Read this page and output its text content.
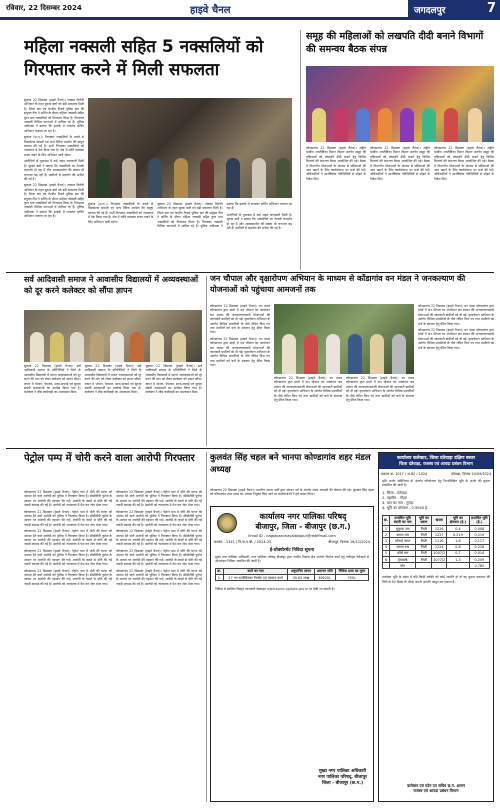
रविवार, 22 दिसम्बर 2024	हाइवे चैनल	जगदलपुर	7
महिला नक्सली सहित 5 नक्सलियों को गिरफ्तार करने में मिली सफलता

सुकमा 22 दिसम्बर (हाइवे चैनल)। नक्सल विरोधी अभियान के तहत सुरक्षा बलों को बड़ी सफलता मिली है। जिला बल एवं केन्द्रीय रिजर्व पुलिस बल की संयुक्त टीम ने सर्चिंग के दौरान महिला नक्सली सहित कुल पांच नक्सलियों को गिरफ्तार किया है। गिरफ्तार नक्सली विभिन्न घटनाओं में शामिल रहे हैं। पुलिस अधीक्षक ने बताया कि इलाके में लगातार सर्चिंग अभियान चलाया जा रहा है।

सुकमा (छ.ग.)। गिरफ्तार नक्सलियों के कब्जे से विस्फोटक सामग्री एवं अन्य दैनिक उपयोग की वस्तुएं बरामद की गई हैं। सभी गिरफ्तार नक्सलियों को न्यायालय में पेश किया गया है। क्षेत्र में शांति व्यवस्था बनाए रखने के लिए अभियान जारी रहेगा।

आरोपियों से पूछताछ में कई अहम जानकारी मिली है। सुरक्षा बलों ने बताया कि नक्सलियों का नेटवर्क कमजोर हो रहा है और आत्मसमर्पण की संख्या भी लगातार बढ़ रही है। ग्रामीणों से सहयोग की अपील की गई है।

सुकमा 22 दिसम्बर (हाइवे चैनल)। नक्सल विरोधी अभियान के तहत सुरक्षा बलों को बड़ी सफलता मिली है। जिला बल एवं केन्द्रीय रिजर्व पुलिस बल की संयुक्त टीम ने सर्चिंग के दौरान महिला नक्सली सहित कुल पांच नक्सलियों को गिरफ्तार किया है। गिरफ्तार नक्सली विभिन्न घटनाओं में शामिल रहे हैं। पुलिस अधीक्षक ने बताया कि इलाके में लगातार सर्चिंग अभियान चलाया जा रहा है।

सुकमा (छ.ग.)। गिरफ्तार नक्सलियों के कब्जे से विस्फोटक सामग्री एवं अन्य दैनिक उपयोग की वस्तुएं बरामद की गई हैं। सभी गिरफ्तार नक्सलियों को न्यायालय में पेश किया गया है। क्षेत्र में शांति व्यवस्था बनाए रखने के लिए अभियान जारी रहेगा।

सुकमा 22 दिसम्बर (हाइवे चैनल)। नक्सल विरोधी अभियान के तहत सुरक्षा बलों को बड़ी सफलता मिली है। जिला बल एवं केन्द्रीय रिजर्व पुलिस बल की संयुक्त टीम ने सर्चिंग के दौरान महिला नक्सली सहित कुल पांच नक्सलियों को गिरफ्तार किया है। गिरफ्तार नक्सली विभिन्न घटनाओं में शामिल रहे हैं। पुलिस अधीक्षक ने बताया कि इलाके में लगातार सर्चिंग अभियान चलाया जा रहा है।

आरोपियों से पूछताछ में कई अहम जानकारी मिली है। सुरक्षा बलों ने बताया कि नक्सलियों का नेटवर्क कमजोर हो रहा है और आत्मसमर्पण की संख्या भी लगातार बढ़ रही है। ग्रामीणों से सहयोग की अपील की गई है।

समूह की महिलाओं को लखपति दीदी बनाने विभागों की समन्वय बैठक संपन्न

कोण्डागांव 22 दिसम्बर (हाइवे चैनल)। राष्ट्रीय ग्रामीण आजीविका मिशन बिहान अंतर्गत समूह की महिलाओं को लखपति दीदी बनाने हेतु विभिन्न विभागों की समन्वय बैठक आयोजित की गई। बैठक में विभागीय योजनाओं के माध्यम से महिलाओं की आय बढ़ाने के लिए कार्ययोजना पर चर्चा की गई। अधिकारियों ने आजीविका गतिविधियों से जोड़ने के निर्देश दिए।

कोण्डागांव 22 दिसम्बर (हाइवे चैनल)। राष्ट्रीय ग्रामीण आजीविका मिशन बिहान अंतर्गत समूह की महिलाओं को लखपति दीदी बनाने हेतु विभिन्न विभागों की समन्वय बैठक आयोजित की गई। बैठक में विभागीय योजनाओं के माध्यम से महिलाओं की आय बढ़ाने के लिए कार्ययोजना पर चर्चा की गई। अधिकारियों ने आजीविका गतिविधियों से जोड़ने के निर्देश दिए।

कोण्डागांव 22 दिसम्बर (हाइवे चैनल)। राष्ट्रीय ग्रामीण आजीविका मिशन बिहान अंतर्गत समूह की महिलाओं को लखपति दीदी बनाने हेतु विभिन्न विभागों की समन्वय बैठक आयोजित की गई। बैठक में विभागीय योजनाओं के माध्यम से महिलाओं की आय बढ़ाने के लिए कार्ययोजना पर चर्चा की गई। अधिकारियों ने आजीविका गतिविधियों से जोड़ने के निर्देश दिए।

सर्व आदिवासी समाज ने आवासीय विद्यालयों में अव्यवस्थाओं को दूर करने कलेक्टर को सौंपा ज्ञापन

सुकमा 22 दिसम्बर (हाइवे चैनल)। सर्व आदिवासी समाज के प्रतिनिधियों ने जिले के आवासीय विद्यालयों में व्याप्त अव्यवस्थाओं को दूर करने की मांग को लेकर कलेक्टर को ज्ञापन सौंपा। ज्ञापन में भोजन, पेयजल, साफ-सफाई एवं सुरक्षा संबंधी समस्याओं का उल्लेख किया गया है। कलेक्टर ने शीघ्र कार्यवाही का आश्वासन दिया।

सुकमा 22 दिसम्बर (हाइवे चैनल)। सर्व आदिवासी समाज के प्रतिनिधियों ने जिले के आवासीय विद्यालयों में व्याप्त अव्यवस्थाओं को दूर करने की मांग को लेकर कलेक्टर को ज्ञापन सौंपा। ज्ञापन में भोजन, पेयजल, साफ-सफाई एवं सुरक्षा संबंधी समस्याओं का उल्लेख किया गया है। कलेक्टर ने शीघ्र कार्यवाही का आश्वासन दिया।

सुकमा 22 दिसम्बर (हाइवे चैनल)। सर्व आदिवासी समाज के प्रतिनिधियों ने जिले के आवासीय विद्यालयों में व्याप्त अव्यवस्थाओं को दूर करने की मांग को लेकर कलेक्टर को ज्ञापन सौंपा। ज्ञापन में भोजन, पेयजल, साफ-सफाई एवं सुरक्षा संबंधी समस्याओं का उल्लेख किया गया है। कलेक्टर ने शीघ्र कार्यवाही का आश्वासन दिया।

जन चौपाल और वृक्षारोपण अभियान के माध्यम से कोंडागांव वन मंडल ने जनकल्याण की योजनाओं को पहुंचाया आमजनों तक

कोण्डागांव 22 दिसम्बर (हाइवे चैनल)। वन मंडल कोण्डागांव द्वारा ग्रामों में जन चौपाल का आयोजन कर शासन की जनकल्याणकारी योजनाओं की जानकारी ग्रामीणों को दी गई। वृक्षारोपण अभियान के अंतर्गत विभिन्न प्रजातियों के पौधे रोपित किए गए तथा ग्रामीणों को वनों के संरक्षण हेतु प्रेरित किया गया।

कोण्डागांव 22 दिसम्बर (हाइवे चैनल)। वन मंडल कोण्डागांव द्वारा ग्रामों में जन चौपाल का आयोजन कर शासन की जनकल्याणकारी योजनाओं की जानकारी ग्रामीणों को दी गई। वृक्षारोपण अभियान के अंतर्गत विभिन्न प्रजातियों के पौधे रोपित किए गए तथा ग्रामीणों को वनों के संरक्षण हेतु प्रेरित किया गया।

कोण्डागांव 22 दिसम्बर (हाइवे चैनल)। वन मंडल कोण्डागांव द्वारा ग्रामों में जन चौपाल का आयोजन कर शासन की जनकल्याणकारी योजनाओं की जानकारी ग्रामीणों को दी गई। वृक्षारोपण अभियान के अंतर्गत विभिन्न प्रजातियों के पौधे रोपित किए गए तथा ग्रामीणों को वनों के संरक्षण हेतु प्रेरित किया गया।

कोण्डागांव 22 दिसम्बर (हाइवे चैनल)। वन मंडल कोण्डागांव द्वारा ग्रामों में जन चौपाल का आयोजन कर शासन की जनकल्याणकारी योजनाओं की जानकारी ग्रामीणों को दी गई। वृक्षारोपण अभियान के अंतर्गत विभिन्न प्रजातियों के पौधे रोपित किए गए तथा ग्रामीणों को वनों के संरक्षण हेतु प्रेरित किया गया।

कोण्डागांव 22 दिसम्बर (हाइवे चैनल)। वन मंडल कोण्डागांव द्वारा ग्रामों में जन चौपाल का आयोजन कर शासन की जनकल्याणकारी योजनाओं की जानकारी ग्रामीणों को दी गई। वृक्षारोपण अभियान के अंतर्गत विभिन्न प्रजातियों के पौधे रोपित किए गए तथा ग्रामीणों को वनों के संरक्षण हेतु प्रेरित किया गया।

कोण्डागांव 22 दिसम्बर (हाइवे चैनल)। वन मंडल कोण्डागांव द्वारा ग्रामों में जन चौपाल का आयोजन कर शासन की जनकल्याणकारी योजनाओं की जानकारी ग्रामीणों को दी गई। वृक्षारोपण अभियान के अंतर्गत विभिन्न प्रजातियों के पौधे रोपित किए गए तथा ग्रामीणों को वनों के संरक्षण हेतु प्रेरित किया गया।

पेट्रोल पम्प में चोरी करने वाला आरोपी गिरफ्तार

कोण्डागांव 22 दिसम्बर (हाइवे चैनल)। पेट्रोल पम्प में चोरी की घटना को अंजाम देने वाले आरोपी को पुलिस ने गिरफ्तार किया है। सीसीटीवी फुटेज के आधार पर आरोपी की पहचान की गई। आरोपी के कब्जे से चोरी की गई नकदी बरामद की गई है। आरोपी को न्यायालय में पेश कर जेल भेजा गया।

कोण्डागांव 22 दिसम्बर (हाइवे चैनल)। पेट्रोल पम्प में चोरी की घटना को अंजाम देने वाले आरोपी को पुलिस ने गिरफ्तार किया है। सीसीटीवी फुटेज के आधार पर आरोपी की पहचान की गई। आरोपी के कब्जे से चोरी की गई नकदी बरामद की गई है। आरोपी को न्यायालय में पेश कर जेल भेजा गया।

कोण्डागांव 22 दिसम्बर (हाइवे चैनल)। पेट्रोल पम्प में चोरी की घटना को अंजाम देने वाले आरोपी को पुलिस ने गिरफ्तार किया है। सीसीटीवी फुटेज के आधार पर आरोपी की पहचान की गई। आरोपी के कब्जे से चोरी की गई नकदी बरामद की गई है। आरोपी को न्यायालय में पेश कर जेल भेजा गया।

कोण्डागांव 22 दिसम्बर (हाइवे चैनल)। पेट्रोल पम्प में चोरी की घटना को अंजाम देने वाले आरोपी को पुलिस ने गिरफ्तार किया है। सीसीटीवी फुटेज के आधार पर आरोपी की पहचान की गई। आरोपी के कब्जे से चोरी की गई नकदी बरामद की गई है। आरोपी को न्यायालय में पेश कर जेल भेजा गया।

कोण्डागांव 22 दिसम्बर (हाइवे चैनल)। पेट्रोल पम्प में चोरी की घटना को अंजाम देने वाले आरोपी को पुलिस ने गिरफ्तार किया है। सीसीटीवी फुटेज के आधार पर आरोपी की पहचान की गई। आरोपी के कब्जे से चोरी की गई नकदी बरामद की गई है। आरोपी को न्यायालय में पेश कर जेल भेजा गया।

कोण्डागांव 22 दिसम्बर (हाइवे चैनल)। पेट्रोल पम्प में चोरी की घटना को अंजाम देने वाले आरोपी को पुलिस ने गिरफ्तार किया है। सीसीटीवी फुटेज के आधार पर आरोपी की पहचान की गई। आरोपी के कब्जे से चोरी की गई नकदी बरामद की गई है। आरोपी को न्यायालय में पेश कर जेल भेजा गया।

कोण्डागांव 22 दिसम्बर (हाइवे चैनल)। पेट्रोल पम्प में चोरी की घटना को अंजाम देने वाले आरोपी को पुलिस ने गिरफ्तार किया है। सीसीटीवी फुटेज के आधार पर आरोपी की पहचान की गई। आरोपी के कब्जे से चोरी की गई नकदी बरामद की गई है। आरोपी को न्यायालय में पेश कर जेल भेजा गया।

कोण्डागांव 22 दिसम्बर (हाइवे चैनल)। पेट्रोल पम्प में चोरी की घटना को अंजाम देने वाले आरोपी को पुलिस ने गिरफ्तार किया है। सीसीटीवी फुटेज के आधार पर आरोपी की पहचान की गई। आरोपी के कब्जे से चोरी की गई नकदी बरामद की गई है। आरोपी को न्यायालय में पेश कर जेल भेजा गया।

कोण्डागांव 22 दिसम्बर (हाइवे चैनल)। पेट्रोल पम्प में चोरी की घटना को अंजाम देने वाले आरोपी को पुलिस ने गिरफ्तार किया है। सीसीटीवी फुटेज के आधार पर आरोपी की पहचान की गई। आरोपी के कब्जे से चोरी की गई नकदी बरामद की गई है। आरोपी को न्यायालय में पेश कर जेल भेजा गया।

कोण्डागांव 22 दिसम्बर (हाइवे चैनल)। पेट्रोल पम्प में चोरी की घटना को अंजाम देने वाले आरोपी को पुलिस ने गिरफ्तार किया है। सीसीटीवी फुटेज के आधार पर आरोपी की पहचान की गई। आरोपी के कब्जे से चोरी की गई नकदी बरामद की गई है। आरोपी को न्यायालय में पेश कर जेल भेजा गया।

कुलवंत सिंह चहल बने भानपा कोण्डागांव शहर मंडल अध्यक्ष

कोण्डागांव 22 दिसम्बर (हाइवे चैनल)। भारतीय जनता पार्टी द्वारा संगठन पर्व के अंतर्गत मंडल अध्यक्षों की घोषणा की गई। कुलवंत सिंह चहल को कोण्डागांव शहर मंडल का अध्यक्ष नियुक्त किए जाने पर कार्यकर्ताओं ने हर्ष व्यक्त किया।

कार्यालय नगर पालिका परिषद्
बीजापुर, जिला - बीजापुर (छ.ग.)
Email ID - nagarpanchayatbijapur@rediffmail.com
क्रमांक - 1341 / नि.पा.प.बी. / 2024-25	बीजापुर, दिनांक 19/12/2024
ई-प्रोक्योरमेंट निविदा सूचना
मुख्य नगर पालिका अधिकारी, नगर पालिका परिषद् बीजापुर द्वारा नगरीय निकाय क्षेत्र अंतर्गत निर्माण कार्य हेतु पंजीकृत ठेकेदारों से ऑनलाइन निविदा आमंत्रित की जाती है।
क्र.	कार्य का नाम	अनुमानित लागत	अमानत राशि	निविदा प्रपत्र का मूल्य
1.	27 नग नालीविस्तार निर्माण एवं मरम्मत कार्य	30.62 लाख	30620/-	750/-
निविदा से संबंधित विस्तृत जानकारी वेबसाइट www.eproc.cgstate.gov.in पर देखी जा सकती है।
मुख्य नगर पालिका अधिकारी
नगर पालिका परिषद्, बीजापुर
जिला - बीजापुर (छ.ग.)
कार्यालय कलेक्टर, जिला दंतेवाड़ा दक्षिण बस्तर
जिला दंतेवाड़ा, राजस्व एवं आपदा प्रबंधन विभाग
प्रकरण क्र. 1017 / अ-82 / 2024	दंतेवाड़ा, दिनांक 20/09/2024
भूमि अर्जन अधिनियम के अंतर्गत परियोजना हेतु निम्नलिखित भूमि के अर्जन की सूचना प्रकाशित की जाती है।
1. जिला - दंतेवाड़ा
2. तहसील - गीदम
3. ग्राम का नाम - गुमड़ा
4. भूमि का क्षेत्रफल - 0.9940 हे.
क्र.	प्रभावित भूमि स्वामी का नाम	भूमि का प्रकार	खसरा	भूमि का क्षेत्रफल (हे.)	प्रभावित भूमि (हे.)
1	मुकुन्दा राम	निजी	1226	0.4	0.008
2	कमल राम	निजी	1227	0.219	0.219
3	सोनाई जगत	निजी	1116	1.8	0.117
4	सत्यम राम	निजी	1224	0.8	0.218
5	कोसे राम	निजी	1047/2	0.7	0.014
6	हेमाबती	निजी	1077/2	1.3	0.209
	योग				0.785
उपरोक्त भूमि के संबंध में यदि किसी व्यक्ति को कोई आपत्ति हो तो वह सूचना प्रकाशन की तिथि से 60 दिवस के भीतर अपनी आपत्ति प्रस्तुत कर सकता है।
कलेक्टर एवं पदेन उप सचिव छ.ग. शासन
राजस्व एवं आपदा प्रबंधन विभाग
